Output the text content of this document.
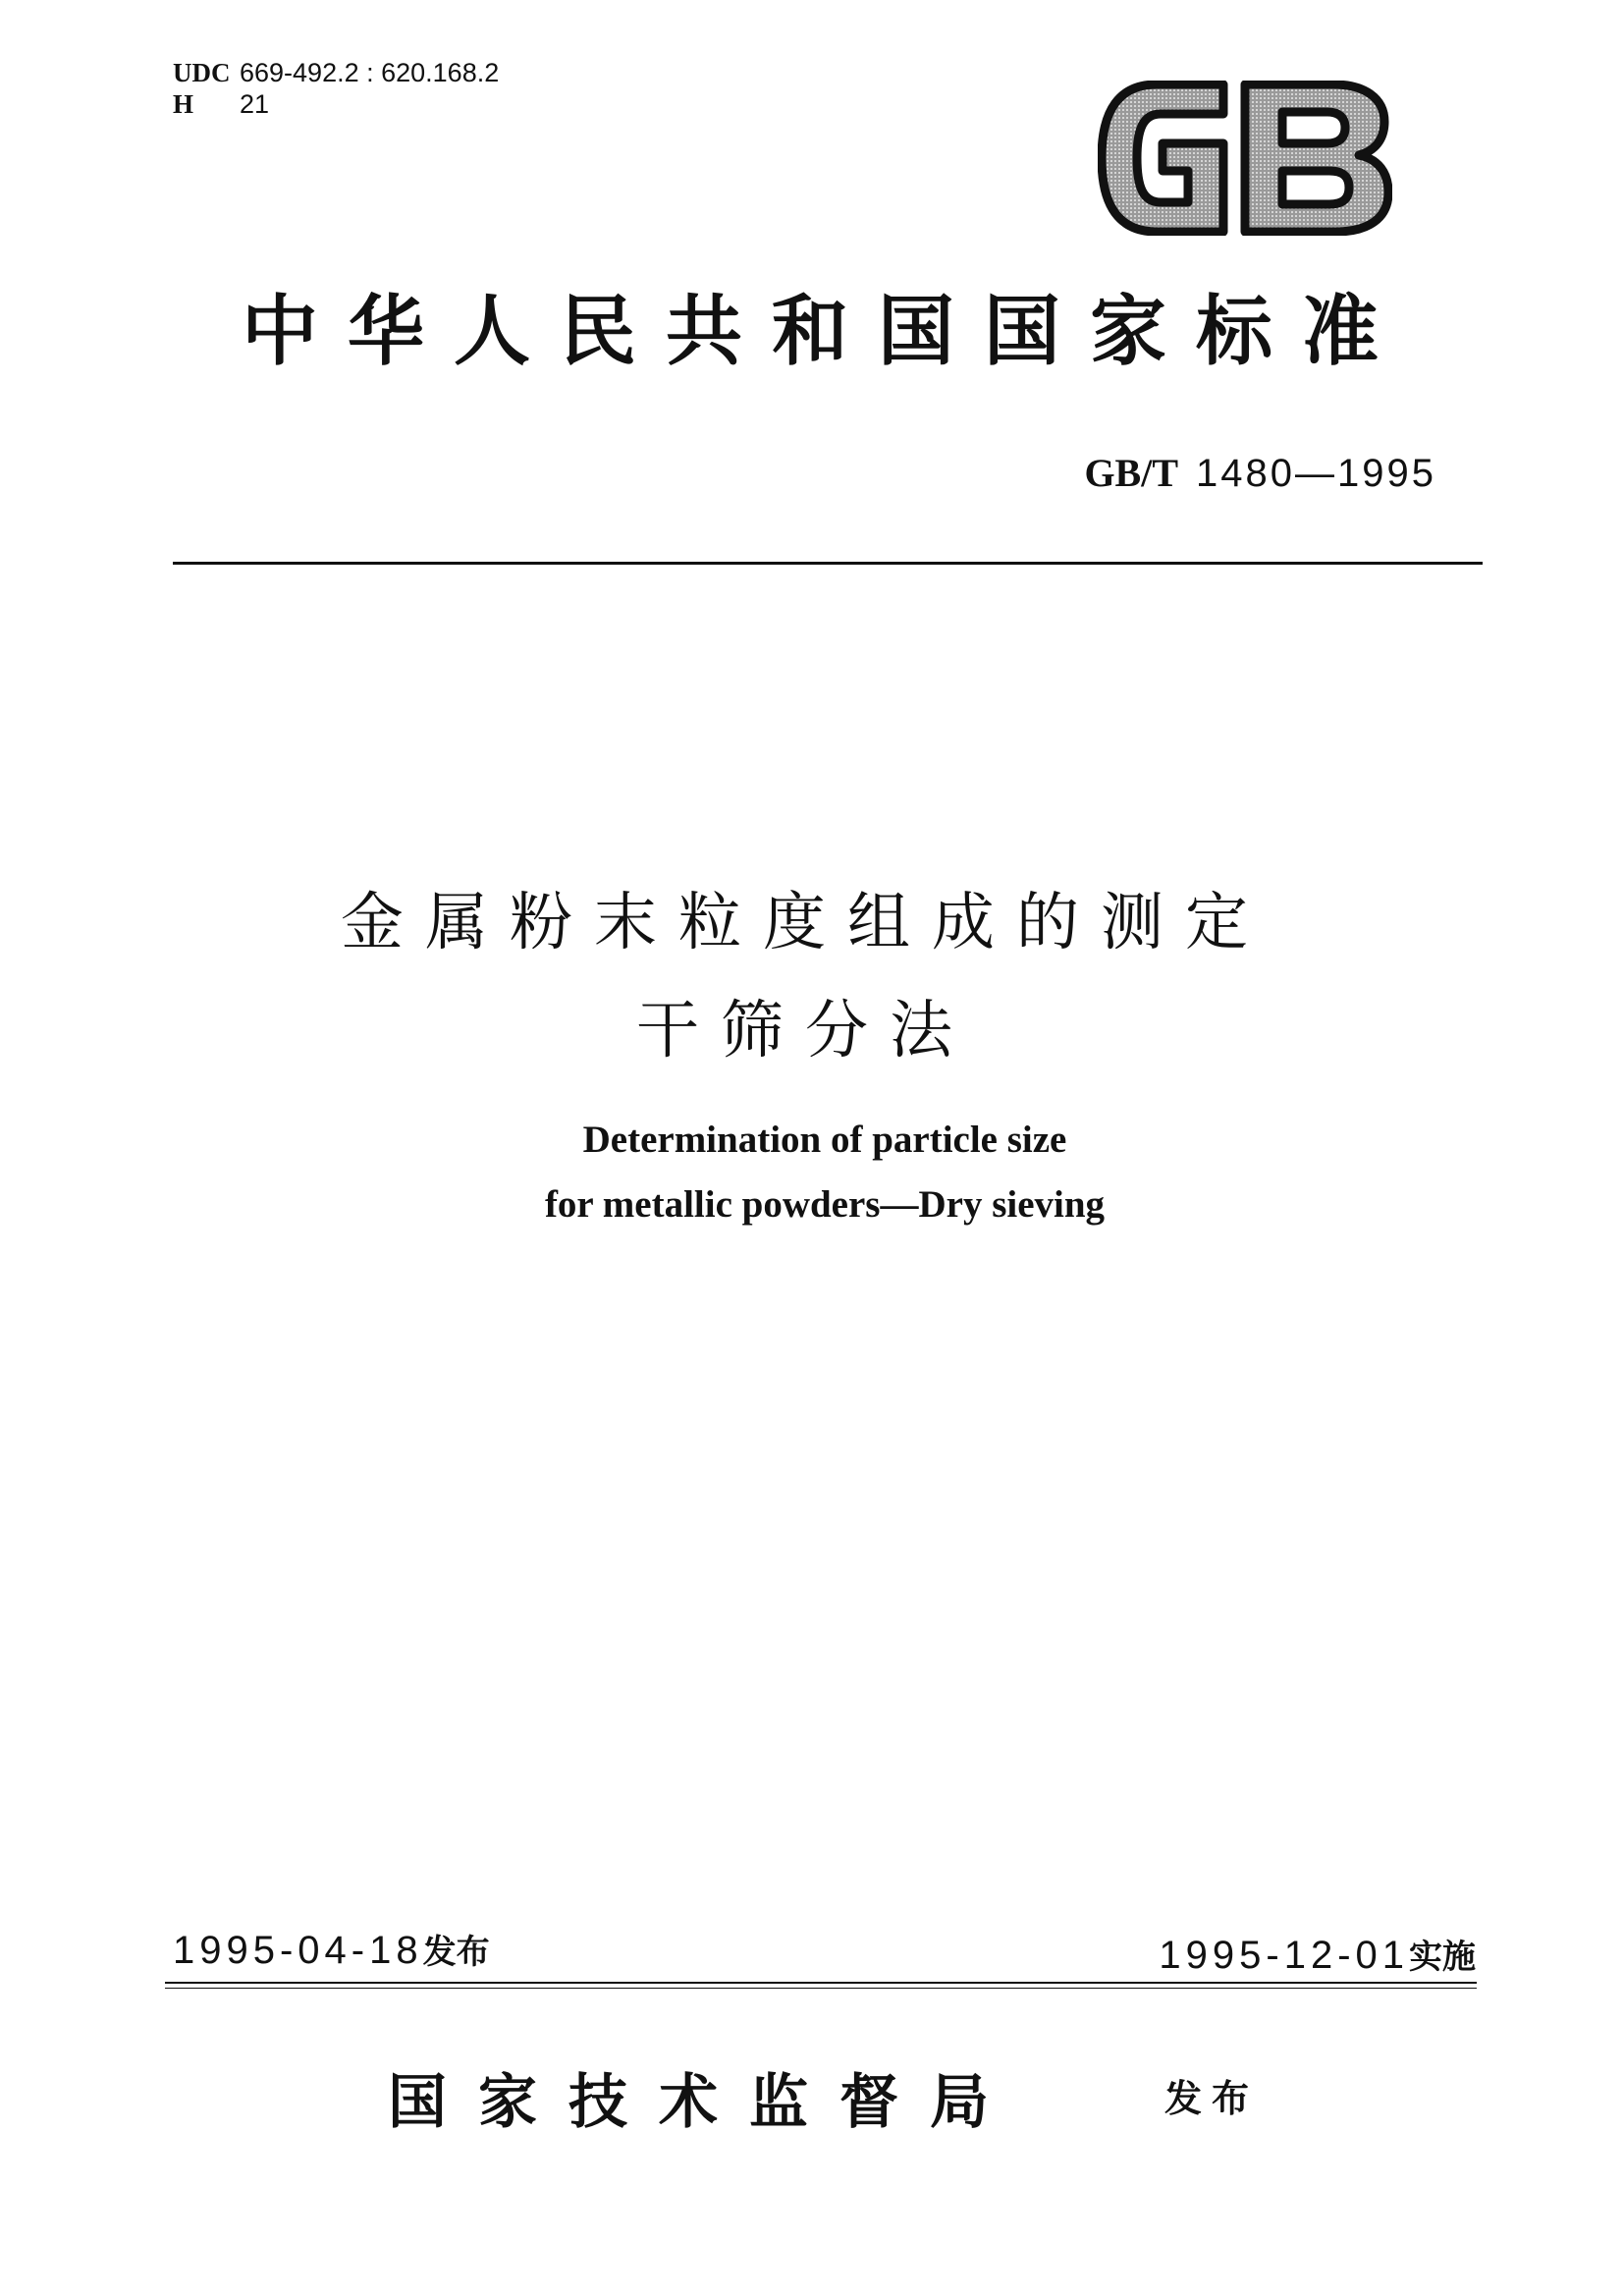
UDC 669-492.2 : 620.168.2
H 21
中华人民共和国国家标准
GB/T 1480—1995
金属粉末粒度组成的测定
干筛分法
Determination of particle size
for metallic powders—Dry sieving
1995-04-18发布	1995-12-01实施
国家技术监督局	发布
